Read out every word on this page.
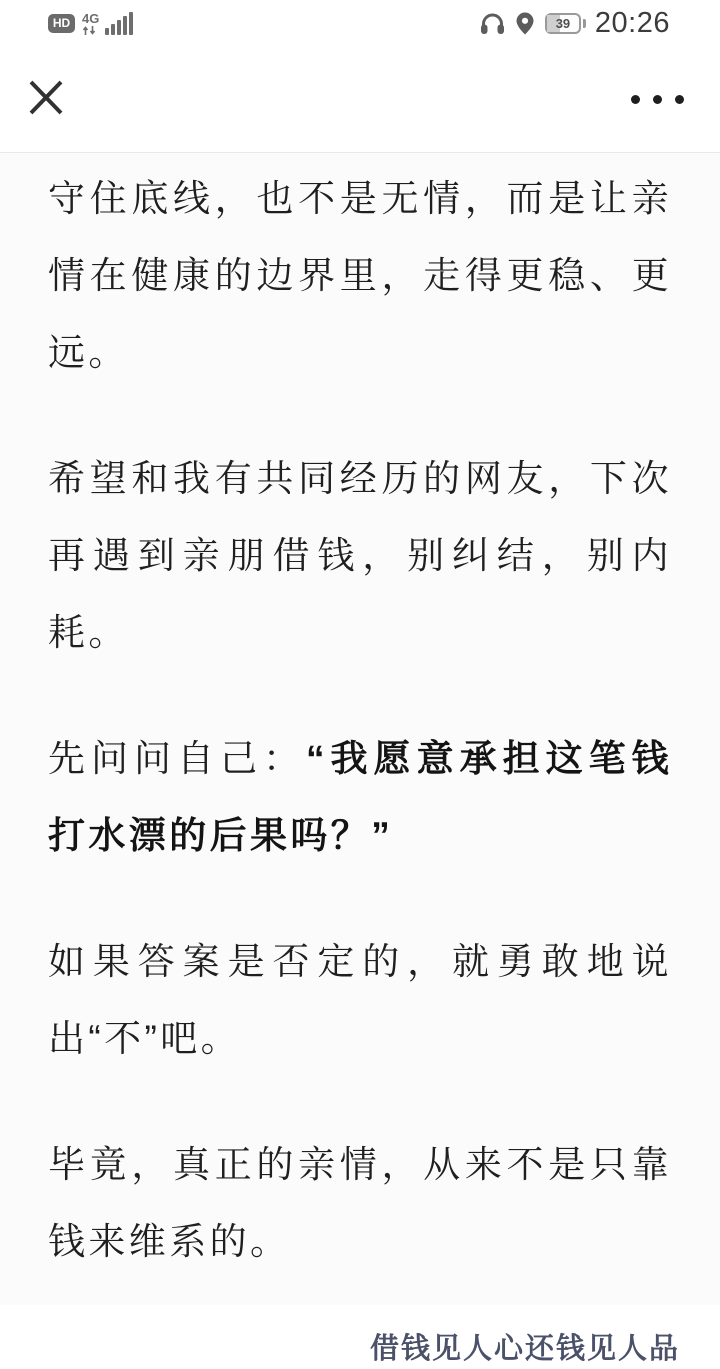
HD 4G	39 20:26

守住底线，也不是无情，而是让亲情在健康的边界里，走得更稳、更远。

希望和我有共同经历的网友，下次再遇到亲朋借钱，别纠结，别内耗。

先问问自己：“我愿意承担这笔钱打水漂的后果吗？”

如果答案是否定的，就勇敢地说出“不”吧。

毕竟，真正的亲情，从来不是只靠钱来维系的。

借钱见人心还钱见人品
